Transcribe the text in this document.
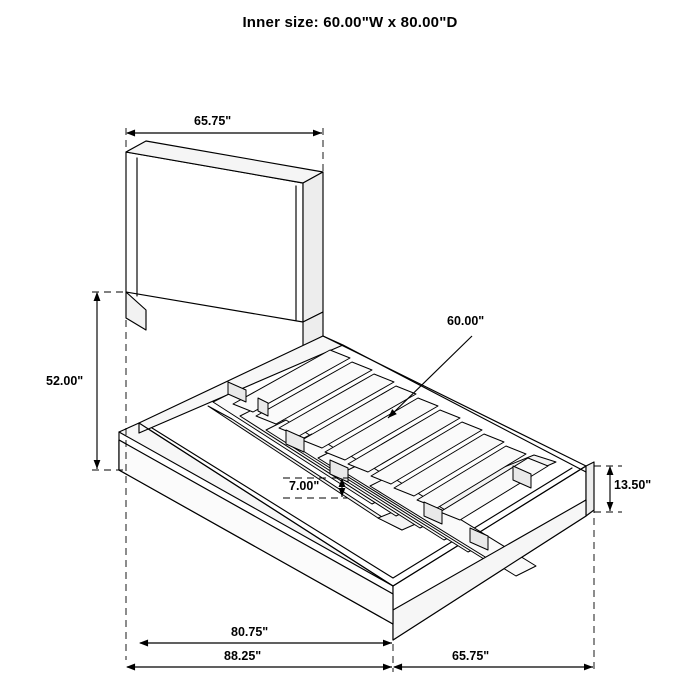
Inner size: 60.00"W x 80.00"D
65.75"
52.00"
60.00"
7.00"	13.50"
80.75"
88.25"	65.75"
